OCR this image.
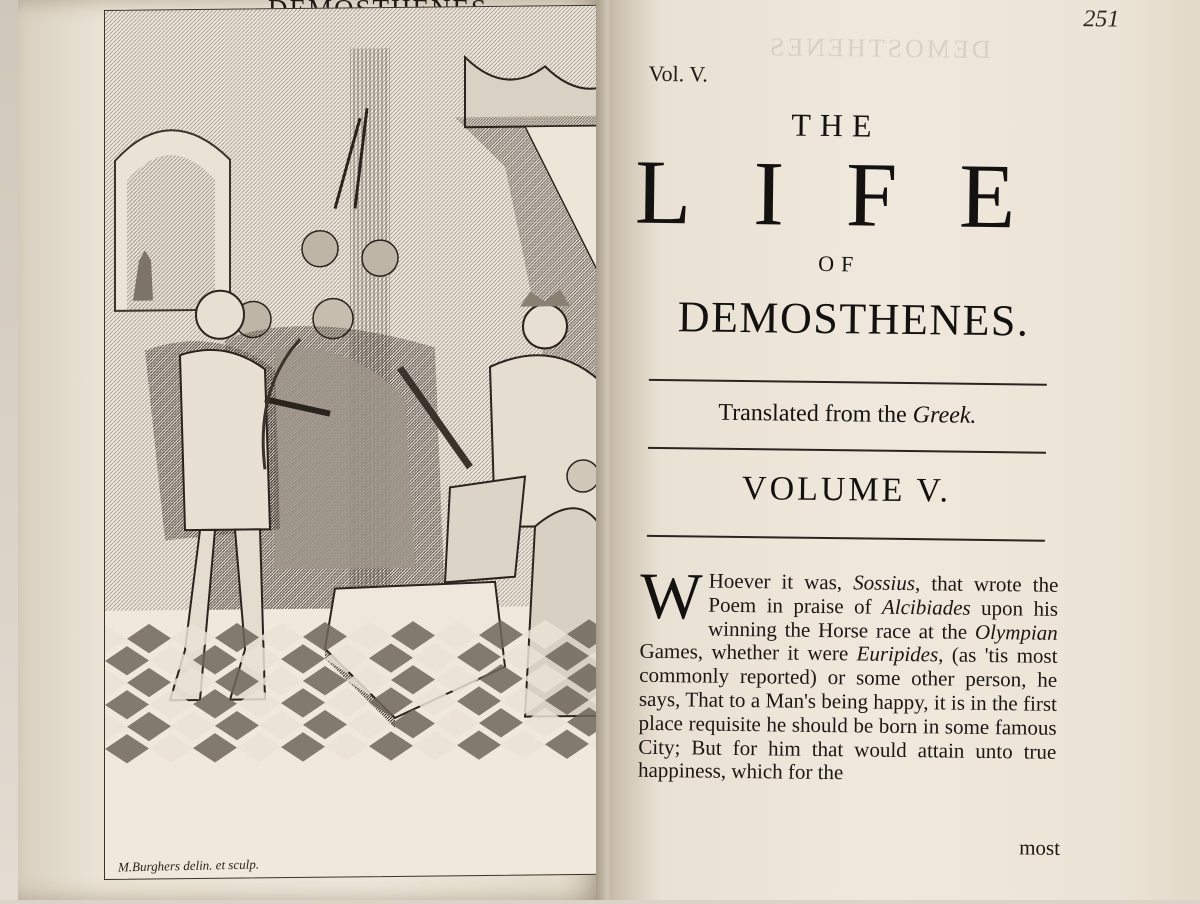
M.Burghers delin. et sculp.
DEMOSTHENES
251
Vol. V.
THE
LIFE
OF
DEMOSTHENES.
Translated from the Greek.
VOLUME V.
W Hoever it was, Sossius, that wrote the Poem in praise of Alcibiades upon his winning the Horse race at the Olympian Games, whether it were Euripides, (as 'tis most commonly reported) or some other person, he says, That to a Man's being happy, it is in the first place requisite he should be born in some famous City; But for him that would attain unto true happiness, which for the
most
